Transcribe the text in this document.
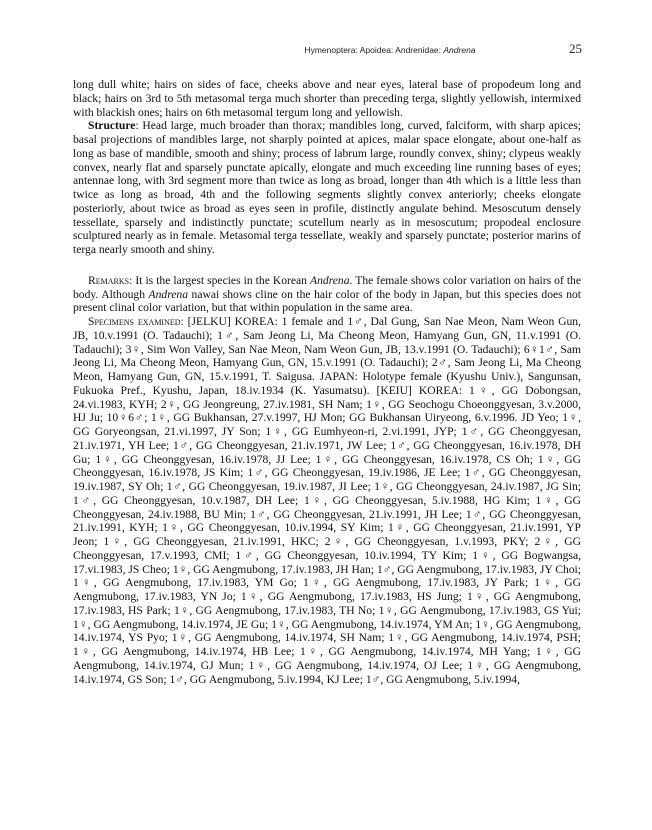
Hymenoptera: Apoidea: Andrenidae: Andrena	25

long dull white; hairs on sides of face, cheeks above and near eyes, lateral base of propodeum long and black; hairs on 3rd to 5th metasomal terga much shorter than preceding terga, slightly yellowish, intermixed with blackish ones; hairs on 6th metasomal tergum long and yellowish.

Structure: Head large, much broader than thorax; mandibles long, curved, falciform, with sharp apices; basal projections of mandibles large, not sharply pointed at apices, malar space elongate, about one-half as long as base of mandible, smooth and shiny; process of labrum large, roundly convex, shiny; clypeus weakly convex, nearly flat and sparsely punctate apically, elongate and much exceeding line running bases of eyes; antennae long, with 3rd segment more than twice as long as broad, longer than 4th which is a little less than twice as long as broad, 4th and the following segments slightly convex anteriorly; cheeks elongate posteriorly, about twice as broad as eyes seen in profile, distinctly angulate behind. Mesoscutum densely tessellate, sparsely and indistinctly punctate; scutellum nearly as in mesoscutum; propodeal enclosure sculptured nearly as in female. Metasomal terga tessellate, weakly and sparsely punctate; posterior marins of terga nearly smooth and shiny.

Remarks: It is the largest species in the Korean Andrena. The female shows color variation on hairs of the body. Although Andrena nawai shows cline on the hair color of the body in Japan, but this species does not present clinal color variation, but that within population in the same area.

Specimens examined: [JELKU] KOREA: 1 female and 1♂, Dal Gung, San Nae Meon, Nam Weon Gun, JB, 10.v.1991 (O. Tadauchi); 1♂, Sam Jeong Li, Ma Cheong Meon, Hamyang Gun, GN, 11.v.1991 (O. Tadauchi); 3♀, Sim Won Valley, San Nae Meon, Nam Weon Gun, JB, 13.v.1991 (O. Tadauchi); 6♀1♂, Sam Jeong Li, Ma Cheong Meon, Hamyang Gun, GN, 15.v.1991 (O. Tadauchi); 2♂, Sam Jeong Li, Ma Cheong Meon, Hamyang Gun, GN, 15.v.1991, T. Saigusa. JAPAN: Holotype female (Kyushu Univ.), Sangunsan, Fukuoka Pref., Kyushu, Japan, 18.iv.1934 (K. Yasumatsu). [KEIU] KOREA: 1♀, GG Dobongsan, 24.vi.1983, KYH; 2♀, GG Jeongreung, 27.iv.1981, SH Nam; 1♀, GG Seochogu Choeonggyesan, 3.v.2000, HJ Ju; 10♀6♂; 1♀, GG Bukhansan, 27.v.1997, HJ Mon; GG Bukhansan Uiryeong, 6.v.1996. JD Yeo; 1♀, GG Goryeongsan, 21.vi.1997, JY Son; 1♀, GG Eumhyeon-ri, 2.vi.1991, JYP; 1♂, GG Cheonggyesan, 21.iv.1971, YH Lee; 1♂, GG Cheonggyesan, 21.iv.1971, JW Lee; 1♂, GG Cheonggyesan, 16.iv.1978, DH Gu; 1♀, GG Cheonggyesan, 16.iv.1978, JJ Lee; 1♀, GG Cheonggyesan, 16.iv.1978, CS Oh; 1♀, GG Cheonggyesan, 16.iv.1978, JS Kim; 1♂, GG Cheonggyesan, 19.iv.1986, JE Lee; 1♂, GG Cheonggyesan, 19.iv.1987, SY Oh; 1♂, GG Cheonggyesan, 19.iv.1987, JI Lee; 1♀, GG Cheonggyesan, 24.iv.1987, JG Sin; 1♂, GG Cheonggyesan, 10.v.1987, DH Lee; 1♀, GG Cheonggyesan, 5.iv.1988, HG Kim; 1♀, GG Cheonggyesan, 24.iv.1988, BU Min; 1♂, GG Cheonggyesan, 21.iv.1991, JH Lee; 1♂, GG Cheonggyesan, 21.iv.1991, KYH; 1♀, GG Cheonggyesan, 10.iv.1994, SY Kim; 1♀, GG Cheonggyesan, 21.iv.1991, YP Jeon; 1♀, GG Cheonggyesan, 21.iv.1991, HKC; 2♀, GG Cheonggyesan, 1.v.1993, PKY; 2♀, GG Cheonggyesan, 17.v.1993, CMI; 1♂, GG Cheonggyesan, 10.iv.1994, TY Kim; 1♀, GG Bogwangsa, 17.vi.1983, JS Cheo; 1♀, GG Aengmubong, 17.iv.1983, JH Han; 1♂, GG Aengmubong, 17.iv.1983, JY Choi; 1♀, GG Aengmubong, 17.iv.1983, YM Go; 1♀, GG Aengmubong, 17.iv.1983, JY Park; 1♀, GG Aengmubong, 17.iv.1983, YN Jo; 1♀, GG Aengmubong, 17.iv.1983, HS Jung; 1♀, GG Aengmubong, 17.iv.1983, HS Park; 1♀, GG Aengmubong, 17.iv.1983, TH No; 1♀, GG Aengmubong, 17.iv.1983, GS Yui; 1♀, GG Aengmubong, 14.iv.1974, JE Gu; 1♀, GG Aengmubong, 14.iv.1974, YM An; 1♀, GG Aengmubong, 14.iv.1974, YS Pyo; 1♀, GG Aengmubong, 14.iv.1974, SH Nam; 1♀, GG Aengmubong, 14.iv.1974, PSH; 1♀, GG Aengmubong, 14.iv.1974, HB Lee; 1♀, GG Aengmubong, 14.iv.1974, MH Yang; 1♀, GG Aengmubong, 14.iv.1974, GJ Mun; 1♀, GG Aengmubong, 14.iv.1974, OJ Lee; 1♀, GG Aengmubong, 14.iv.1974, GS Son; 1♂, GG Aengmubong, 5.iv.1994, KJ Lee; 1♂, GG Aengmubong, 5.iv.1994,
